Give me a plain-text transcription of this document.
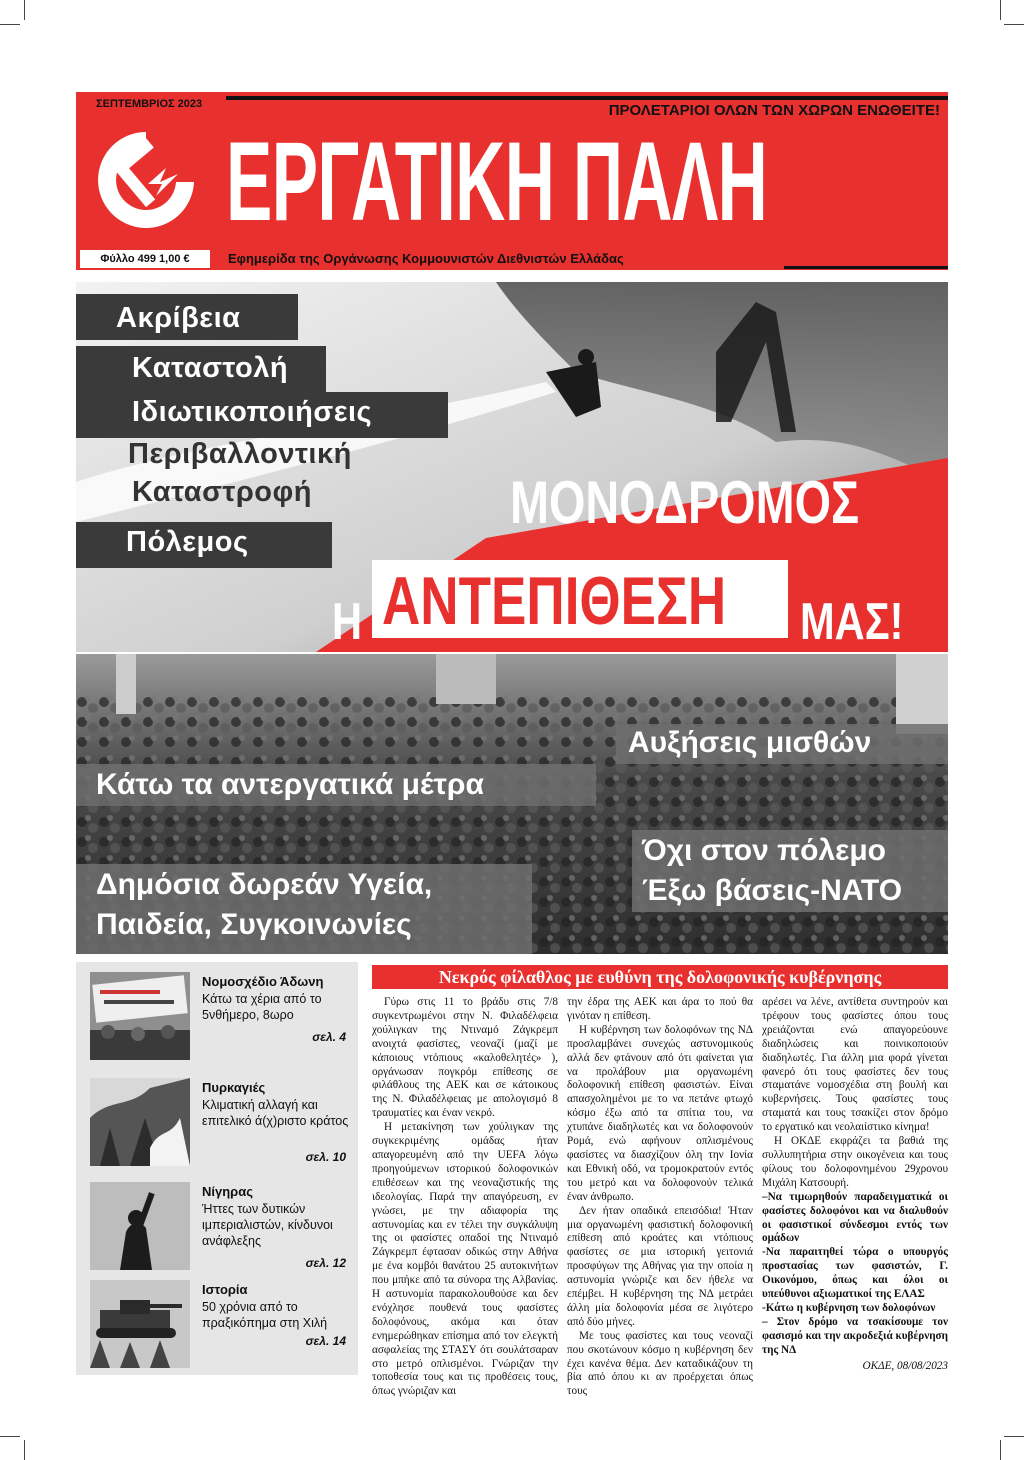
ΣΕΠΤΕΜΒΡΙΟΣ 2023	ΠΡΟΛΕΤΑΡΙΟΙ ΟΛΩΝ ΤΩΝ ΧΩΡΩΝ ΕΝΩΘΕΙΤΕ!
ΕΡΓΑΤΙΚΗ ΠΑΛΗ
Φύλλο 499 1,00 €	Εφημερίδα της Οργάνωσης Κομμουνιστών Διεθνιστών Ελλάδας
Ακρίβεια
Καταστολή
Ιδιωτικοποιήσεις
Περιβαλλοντική
Καταστροφή
Πόλεμος
ΜΟΝΟΔΡΟΜΟΣ
Η ΑΝΤΕΠΙΘΕΣΗ ΜΑΣ!
Αυξήσεις μισθών
Κάτω τα αντεργατικά μέτρα
Όχι στον πόλεμο
Έξω βάσεις-ΝΑΤΟ
Δημόσια δωρεάν Υγεία,
Παιδεία, Συγκοινωνίες
Νομοσχέδιο Άδωνη
Κάτω τα χέρια από το 5νθήμερο, 8ωρο
σελ. 4
Πυρκαγιές
Κλιματική αλλαγή και επιτελικό ά(χ)ριστο κράτος
σελ. 10
Νίγηρας
Ήττες των δυτικών ιμπεριαλιστών, κίνδυνοι ανάφλεξης
σελ. 12
Ιστορία
50 χρόνια από το πραξικόπημα στη Χιλή
σελ. 14
Νεκρός φίλαθλος με ευθύνη της δολοφονικής κυβέρνησης

Γύρω στις 11 το βράδυ στις 7/8 συγκεντρωμένοι στην Ν. Φιλαδέλφεια χούλιγκαν της Ντιναμό Ζάγκρεμπ ανοιχτά φασίστες, νεοναζί (μαζί με κάποιους ντόπιους «καλοθελητές» ), οργάνωσαν πογκρόμ επίθεσης σε φιλάθλους της ΑΕΚ και σε κάτοικους της Ν. Φιλαδέλφειας με απολογισμό 8 τραυματίες και έναν νεκρό.

Η μετακίνηση των χούλιγκαν της συγκεκριμένης ομάδας ήταν απαγορευμένη από την UEFA λόγω προηγούμενων ιστορικού δολοφονικών επιθέσεων και της νεοναζιστικής της ιδεολογίας. Παρά την απαγόρευση, εν γνώσει, με την αδιαφορία της αστυνομίας και εν τέλει την συγκάλυψη της οι φασίστες οπαδοί της Ντιναμό Ζάγκρεμπ έφτασαν οδικώς στην Αθήνα με ένα κομβόι θανάτου 25 αυτοκινήτων που μπήκε από τα σύνορα της Αλβανίας. Η αστυνομία παρακολουθούσε και δεν ενόχλησε πουθενά τους φασίστες δολοφόνους, ακόμα και όταν ενημερώθηκαν επίσημα από τον ελεγκτή ασφαλείας της ΣΤΑΣΥ ότι σουλάτσαραν στο μετρό οπλισμένοι. Γνώριζαν την τοποθεσία τους και τις προθέσεις τους, όπως γνώριζαν και

την έδρα της ΑΕΚ και άρα το πού θα γινόταν η επίθεση.

Η κυβέρνηση των δολοφόνων της ΝΔ προσλαμβάνει συνεχώς αστυνομικούς αλλά δεν φτάνουν από ότι φαίνεται για να προλάβουν μια οργανωμένη δολοφονική επίθεση φασιστών. Είναι απασχολημένοι με το να πετάνε φτωχό κόσμο έξω από τα σπίτια του, να χτυπάνε διαδηλωτές και να δολοφονούν Ρομά, ενώ αφήνουν οπλισμένους φασίστες να διασχίζουν όλη την Ιονία και Εθνική οδό, να τρομοκρατούν εντός του μετρό και να δολοφονούν τελικά έναν άνθρωπο.

Δεν ήταν οπαδικά επεισόδια! Ήταν μια οργανωμένη φασιστική δολοφονική επίθεση από κροάτες και ντόπιους φασίστες σε μια ιστορική γειτονιά προσφύγων της Αθήνας για την οποία η αστυνομία γνώριζε και δεν ήθελε να επέμβει. Η κυβέρνηση της ΝΔ μετράει άλλη μία δολοφονία μέσα σε λιγότερο από δύο μήνες.

Με τους φασίστες και τους νεοναζί που σκοτώνουν κόσμο η κυβέρνηση δεν έχει κανένα θέμα. Δεν καταδικάζουν τη βία από όπου κι αν προέρχεται όπως τους

αρέσει να λένε, αντίθετα συντηρούν και τρέφουν τους φασίστες όπου τους χρειάζονται ενώ απαγορεύουνε διαδηλώσεις και ποινικοποιούν διαδηλωτές. Για άλλη μια φορά γίνεται φανερό ότι τους φασίστες δεν τους σταματάνε νομοσχέδια στη βουλή και κυβερνήσεις. Τους φασίστες τους σταματά και τους τσακίζει στον δρόμο το εργατικό και νεολαιίστικο κίνημα!

Η ΟΚΔΕ εκφράζει τα βαθιά της συλλυπητήρια στην οικογένεια και τους φίλους του δολοφονημένου 29χρονου Μιχάλη Κατσουρή.

–Να τιμωρηθούν παραδειγματικά οι φασίστες δολοφόνοι και να διαλυθούν οι φασιστικοί σύνδεσμοι εντός των ομάδων

-Να παραιτηθεί τώρα ο υπουργός προστασίας των φασιστών, Γ. Οικονόμου, όπως και όλοι οι υπεύθυνοι αξιωματικοί της ΕΛΑΣ

-Κάτω η κυβέρνηση των δολοφόνων

– Στον δρόμο να τσακίσουμε τον φασισμό και την ακροδεξιά κυβέρνηση της ΝΔ

ΟΚΔΕ, 08/08/2023
